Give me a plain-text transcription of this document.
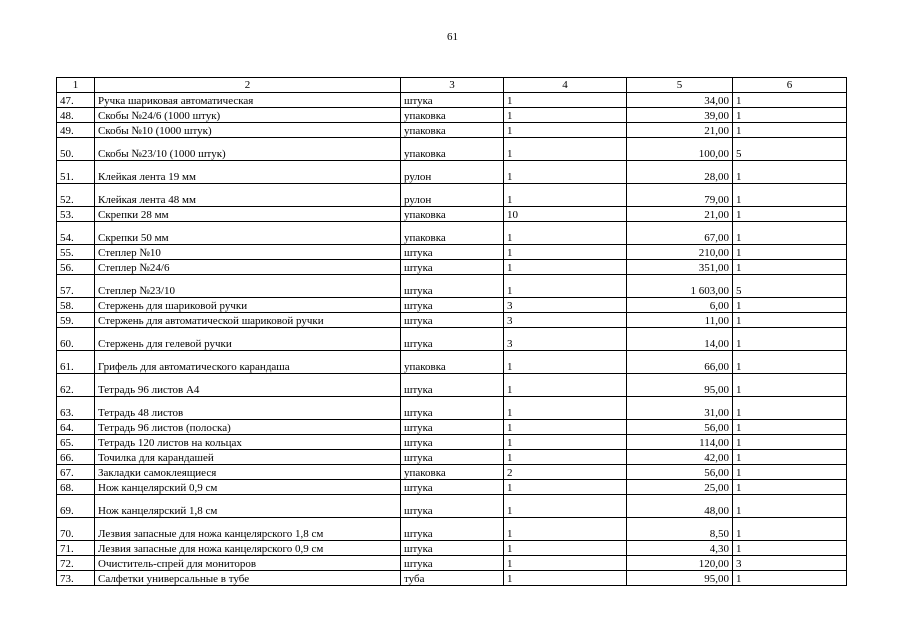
61
1	2	3	4	5	6
47.	Ручка шариковая автоматическая	штука	1	34,00	1
48.	Скобы №24/6 (1000 штук)	упаковка	1	39,00	1
49.	Скобы №10 (1000 штук)	упаковка	1	21,00	1
50.	Скобы №23/10 (1000 штук)	упаковка	1	100,00	5
51.	Клейкая лента 19 мм	рулон	1	28,00	1
52.	Клейкая лента 48 мм	рулон	1	79,00	1
53.	Скрепки 28 мм	упаковка	10	21,00	1
54.	Скрепки 50 мм	упаковка	1	67,00	1
55.	Степлер №10	штука	1	210,00	1
56.	Степлер №24/6	штука	1	351,00	1
57.	Степлер №23/10	штука	1	1 603,00	5
58.	Стержень для шариковой ручки	штука	3	6,00	1
59.	Стержень для автоматической шариковой ручки	штука	3	11,00	1
60.	Стержень для гелевой ручки	штука	3	14,00	1
61.	Грифель для автоматического карандаша	упаковка	1	66,00	1
62.	Тетрадь 96 листов А4	штука	1	95,00	1
63.	Тетрадь 48 листов	штука	1	31,00	1
64.	Тетрадь 96 листов (полоска)	штука	1	56,00	1
65.	Тетрадь 120 листов на кольцах	штука	1	114,00	1
66.	Точилка для карандашей	штука	1	42,00	1
67.	Закладки самоклеящиеся	упаковка	2	56,00	1
68.	Нож канцелярский 0,9 см	штука	1	25,00	1
69.	Нож канцелярский 1,8 см	штука	1	48,00	1
70.	Лезвия запасные для ножа канцелярского 1,8 см	штука	1	8,50	1
71.	Лезвия запасные для ножа канцелярского 0,9 см	штука	1	4,30	1
72.	Очиститель-спрей для мониторов	штука	1	120,00	3
73.	Салфетки универсальные в тубе	туба	1	95,00	1
